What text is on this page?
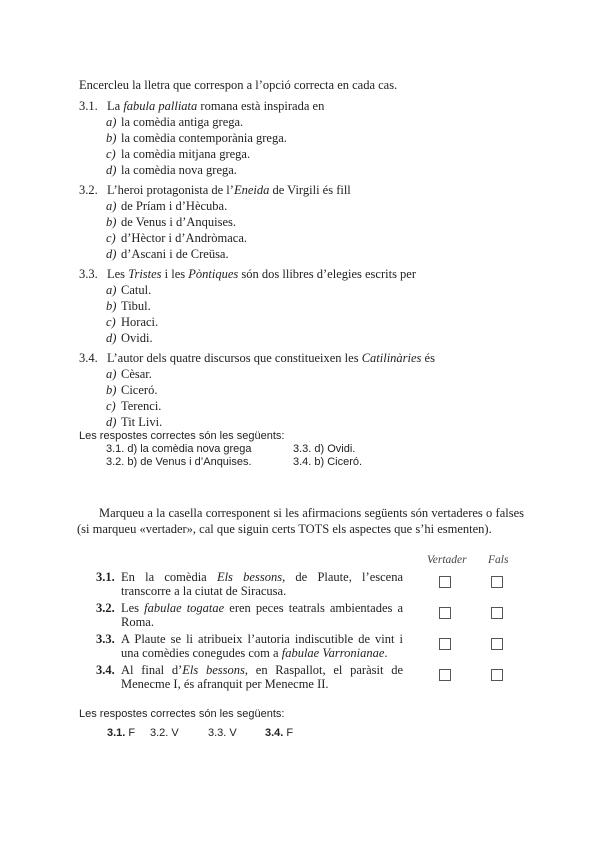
Encercleu la lletra que correspon a l’opció correcta en cada cas.
3.1. La fabula palliata romana està inspirada en
a) la comèdia antiga grega.
b) la comèdia contemporània grega.
c) la comèdia mitjana grega.
d) la comèdia nova grega.
3.2. L’heroi protagonista de l’Eneida de Virgili és fill
a) de Príam i d’Hècuba.
b) de Venus i d’Anquises.
c) d’Hèctor i d’Andròmaca.
d) d’Ascani i de Creüsa.
3.3. Les Tristes i les Pòntiques són dos llibres d’elegies escrits per
a) Catul.
b) Tibul.
c) Horaci.
d) Ovidi.
3.4. L’autor dels quatre discursos que constitueixen les Catilinàries és
a) Cèsar.
b) Ciceró.
c) Terenci.
d) Tit Livi.
Les respostes correctes són les següents:
3.1. d) la comèdia nova grega	3.3. d) Ovidi.
3.2. b) de Venus i d’Anquises.	3.4. b) Ciceró.
Marqueu a la casella corresponent si les afirmacions següents són vertaderes o falses (si marqueu «vertader», cal que siguin certs TOTS els aspectes que s’hi esmenten).
Vertader Fals
3.1. En la comèdia Els bessons, de Plaute, l’escena transcorre a la ciutat de Siracusa.
3.2. Les fabulae togatae eren peces teatrals ambientades a Roma.
3.3. A Plaute se li atribueix l’autoria indiscutible de vint i una comèdies conegudes com a fabulae Varronianae.
3.4. Al final d’Els bessons, en Raspallot, el paràsit de Menecme I, és afranquit per Menecme II.
Les respostes correctes són les següents:
3.1. F 3.2. V	3.3. V	3.4. F
